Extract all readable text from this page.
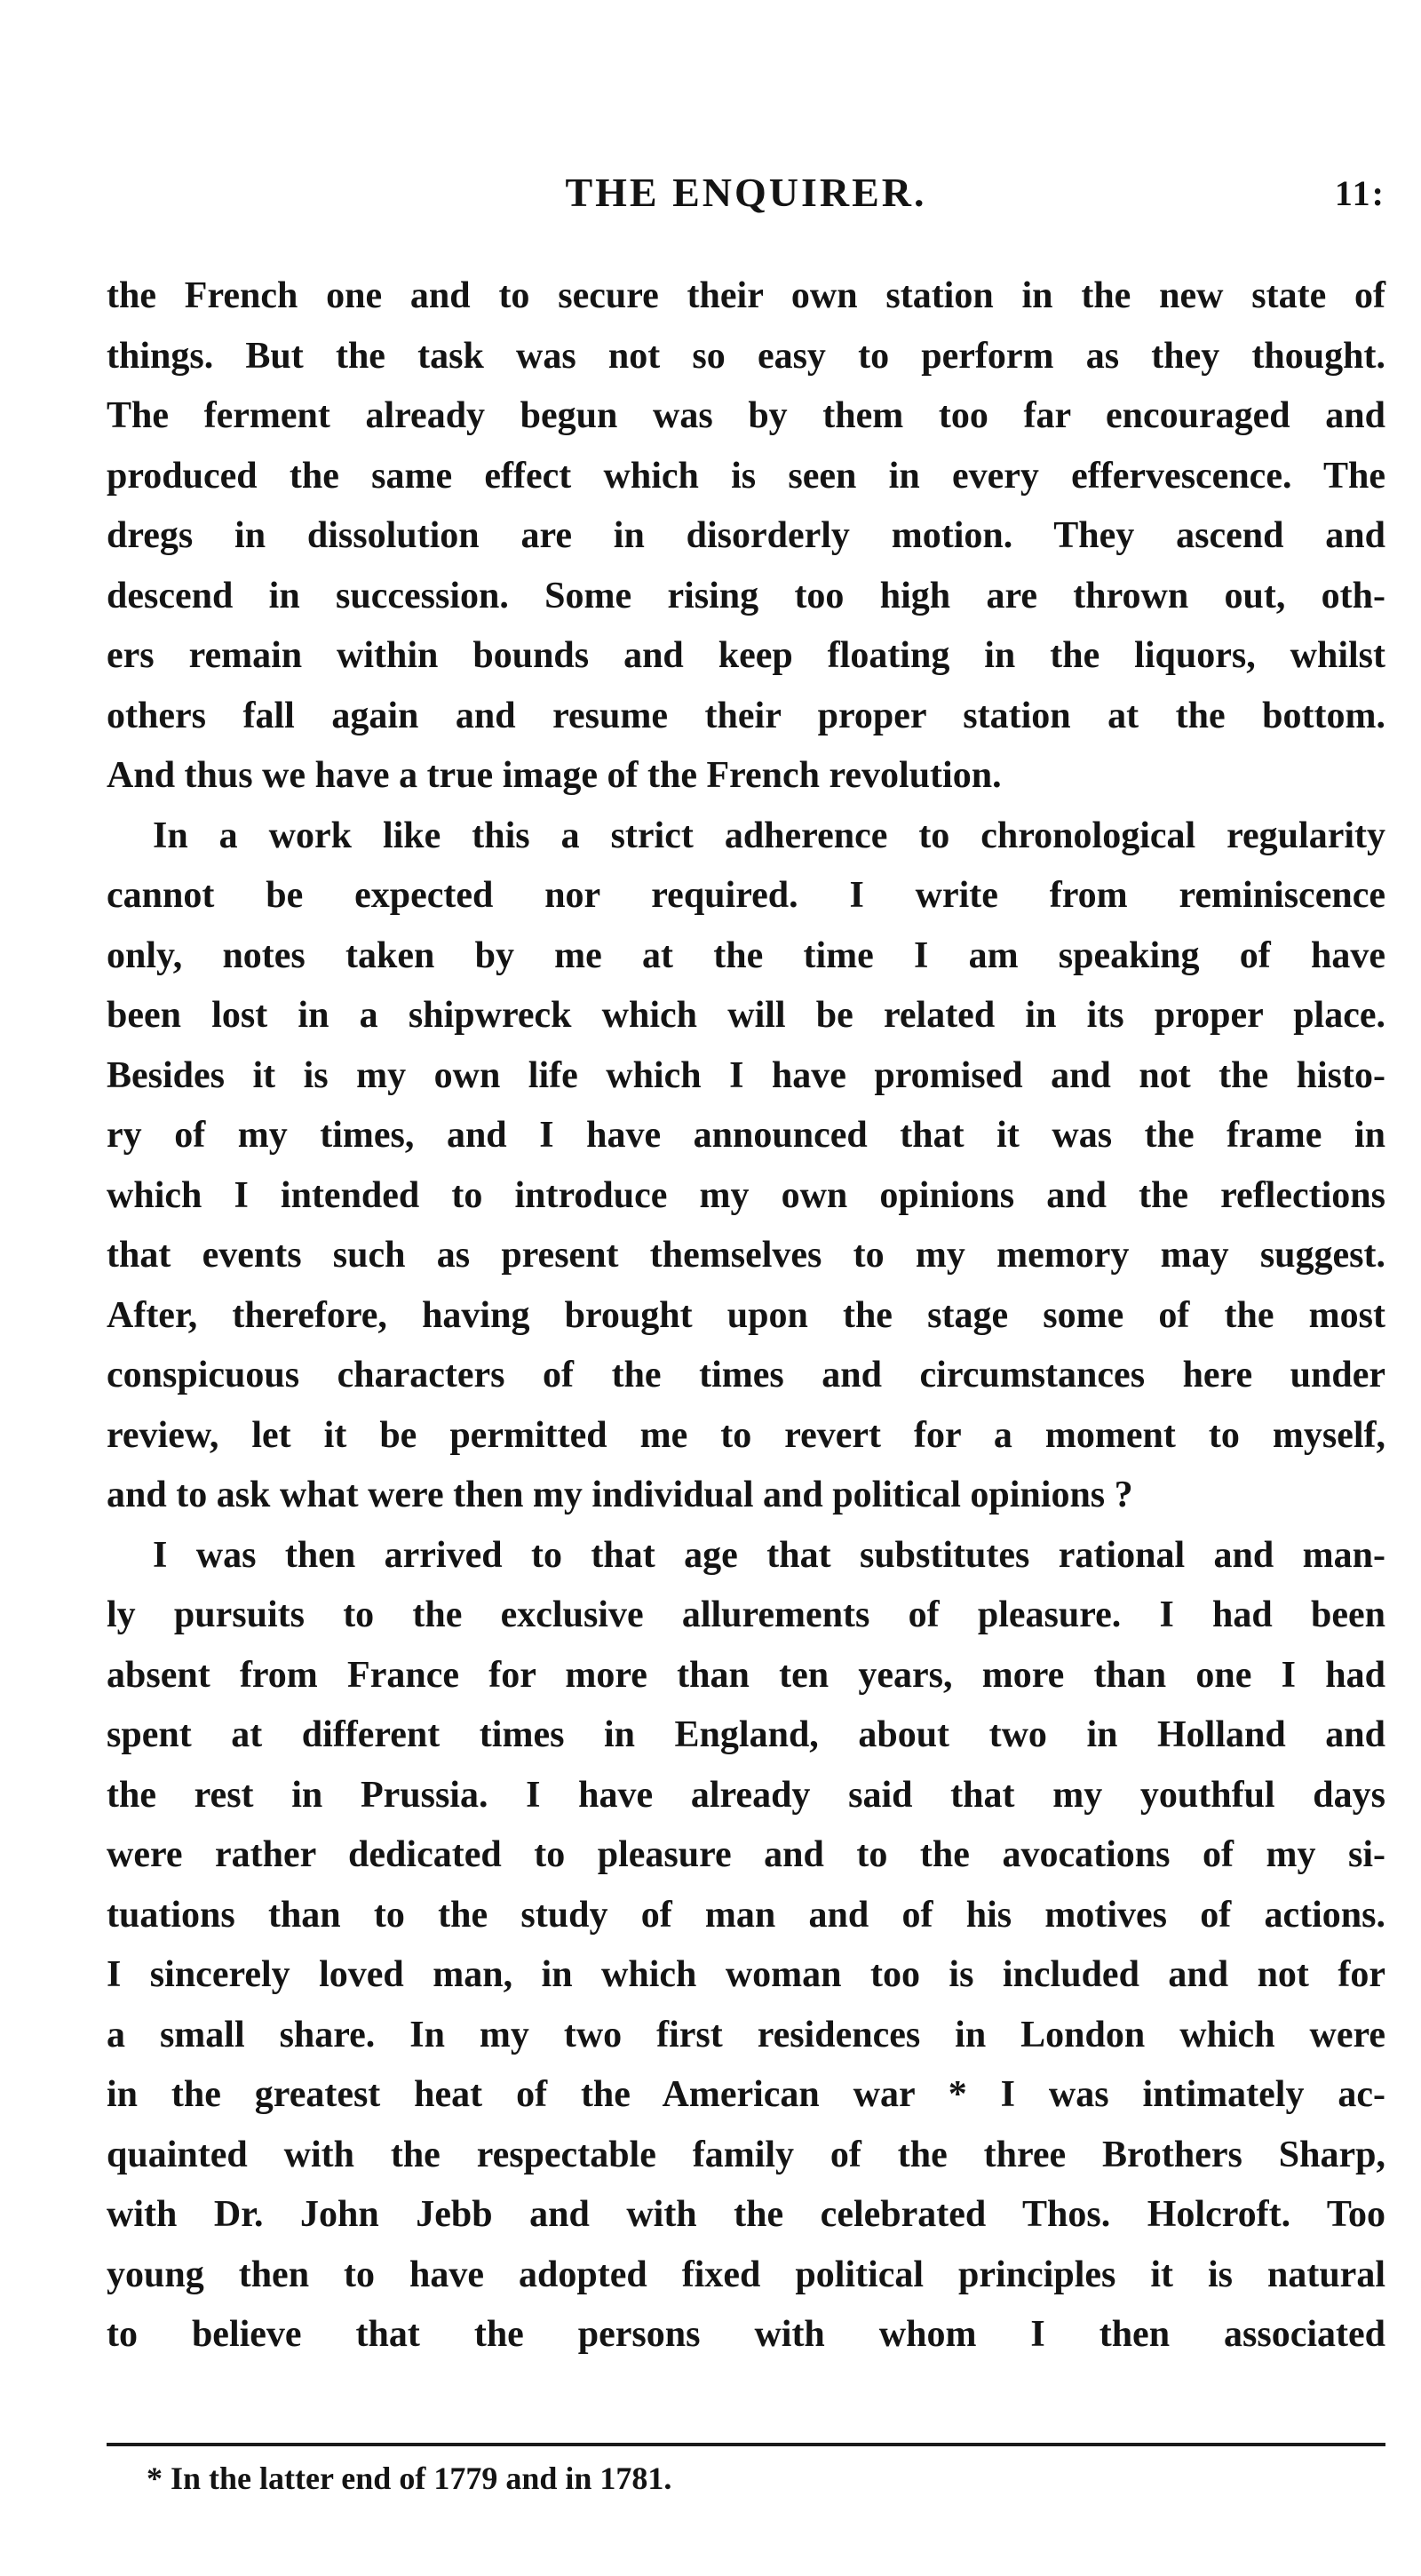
THE ENQUIRER.	11:
the French one and to secure their own station in the new state of
things. But the task was not so easy to perform as they thought.
The ferment already begun was by them too far encouraged and
produced the same effect which is seen in every effervescence. The
dregs in dissolution are in disorderly motion. They ascend and
descend in succession. Some rising too high are thrown out, oth-
ers remain within bounds and keep floating in the liquors, whilst
others fall again and resume their proper station at the bottom.
And thus we have a true image of the French revolution.
In a work like this a strict adherence to chronological regularity
cannot be expected nor required. I write from reminiscence
only, notes taken by me at the time I am speaking of have
been lost in a shipwreck which will be related in its proper place.
Besides it is my own life which I have promised and not the histo-
ry of my times, and I have announced that it was the frame in
which I intended to introduce my own opinions and the reflections
that events such as present themselves to my memory may suggest.
After, therefore, having brought upon the stage some of the most
conspicuous characters of the times and circumstances here under
review, let it be permitted me to revert for a moment to myself,
and to ask what were then my individual and political opinions ?
I was then arrived to that age that substitutes rational and man-
ly pursuits to the exclusive allurements of pleasure. I had been
absent from France for more than ten years, more than one I had
spent at different times in England, about two in Holland and
the rest in Prussia. I have already said that my youthful days
were rather dedicated to pleasure and to the avocations of my si-
tuations than to the study of man and of his motives of actions.
I sincerely loved man, in which woman too is included and not for
a small share. In my two first residences in London which were
in the greatest heat of the American war * I was intimately ac-
quainted with the respectable family of the three Brothers Sharp,
with Dr. John Jebb and with the celebrated Thos. Holcroft. Too
young then to have adopted fixed political principles it is natural
to believe that the persons with whom I then associated
* In the latter end of 1779 and in 1781.
